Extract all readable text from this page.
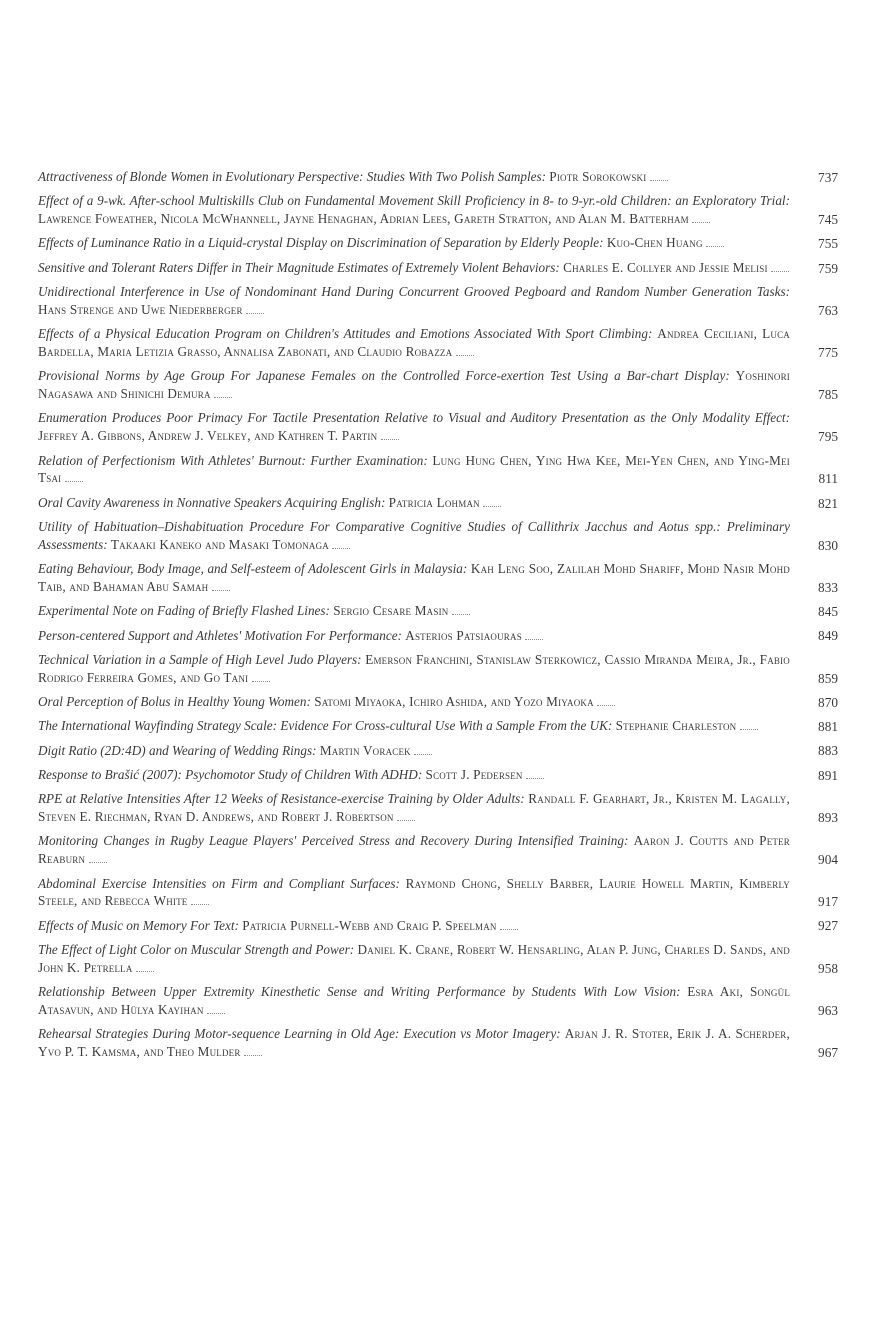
Attractiveness of Blonde Women in Evolutionary Perspective: Studies With Two Polish Samples: Piotr Sorokowski	737
Effect of a 9-wk. After-school Multiskills Club on Fundamental Movement Skill Proficiency in 8- to 9-yr.-old Children: an Exploratory Trial: Lawrence Foweather, Nicola McWhannell, Jayne Henaghan, Adrian Lees, Gareth Stratton, and Alan M. Batterham	745
Effects of Luminance Ratio in a Liquid-crystal Display on Discrimination of Separation by Elderly People: Kuo-Chen Huang	755
Sensitive and Tolerant Raters Differ in Their Magnitude Estimates of Extremely Violent Behaviors: Charles E. Collyer and Jessie Melisi	759
Unidirectional Interference in Use of Nondominant Hand During Concurrent Grooved Pegboard and Random Number Generation Tasks: Hans Strenge and Uwe Niederberger	763
Effects of a Physical Education Program on Children's Attitudes and Emotions Associated With Sport Climbing: Andrea Ceciliani, Luca Bardella, Maria Letizia Grasso, Annalisa Zabonati, and Claudio Robazza	775
Provisional Norms by Age Group For Japanese Females on the Controlled Force-exertion Test Using a Bar-chart Display: Yoshinori Nagasawa and Shinichi Demura	785
Enumeration Produces Poor Primacy For Tactile Presentation Relative to Visual and Auditory Presentation as the Only Modality Effect: Jeffrey A. Gibbons, Andrew J. Velkey, and Kathren T. Partin	795
Relation of Perfectionism With Athletes' Burnout: Further Examination: Lung Hung Chen, Ying Hwa Kee, Mei-Yen Chen, and Ying-Mei Tsai	811
Oral Cavity Awareness in Nonnative Speakers Acquiring English: Patricia Lohman	821
Utility of Habituation–Dishabituation Procedure For Comparative Cognitive Studies of Callithrix Jacchus and Aotus spp.: Preliminary Assessments: Takaaki Kaneko and Masaki Tomonaga	830
Eating Behaviour, Body Image, and Self-esteem of Adolescent Girls in Malaysia: Kah Leng Soo, Zalilah Mohd Shariff, Mohd Nasir Mohd Taib, and Bahaman Abu Samah	833
Experimental Note on Fading of Briefly Flashed Lines: Sergio Cesare Masin	845
Person-centered Support and Athletes' Motivation For Performance: Asterios Patsiaouras	849
Technical Variation in a Sample of High Level Judo Players: Emerson Franchini, Stanislaw Sterkowicz, Cassio Miranda Meira, Jr., Fabio Rodrigo Ferreira Gomes, and Go Tani	859
Oral Perception of Bolus in Healthy Young Women: Satomi Miyaoka, Ichiro Ashida, and Yozo Miyaoka	870
The International Wayfinding Strategy Scale: Evidence For Cross-cultural Use With a Sample From the UK: Stephanie Charleston	881
Digit Ratio (2D:4D) and Wearing of Wedding Rings: Martin Voracek	883
Response to Brašić (2007): Psychomotor Study of Children With ADHD: Scott J. Pedersen	891
RPE at Relative Intensities After 12 Weeks of Resistance-exercise Training by Older Adults: Randall F. Gearhart, Jr., Kristen M. Lagally, Steven E. Riechman, Ryan D. Andrews, and Robert J. Robertson	893
Monitoring Changes in Rugby League Players' Perceived Stress and Recovery During Intensified Training: Aaron J. Coutts and Peter Reaburn	904
Abdominal Exercise Intensities on Firm and Compliant Surfaces: Raymond Chong, Shelly Barber, Laurie Howell Martin, Kimberly Steele, and Rebecca White	917
Effects of Music on Memory For Text: Patricia Purnell-Webb and Craig P. Speelman	927
The Effect of Light Color on Muscular Strength and Power: Daniel K. Crane, Robert W. Hensarling, Alan P. Jung, Charles D. Sands, and John K. Petrella	958
Relationship Between Upper Extremity Kinesthetic Sense and Writing Performance by Students With Low Vision: Esra Aki, Songül Atasavun, and Hülya Kayihan	963
Rehearsal Strategies During Motor-sequence Learning in Old Age: Execution vs Motor Imagery: Arjan J. R. Stoter, Erik J. A. Scherder, Yvo P. T. Kamsma, and Theo Mulder	967
